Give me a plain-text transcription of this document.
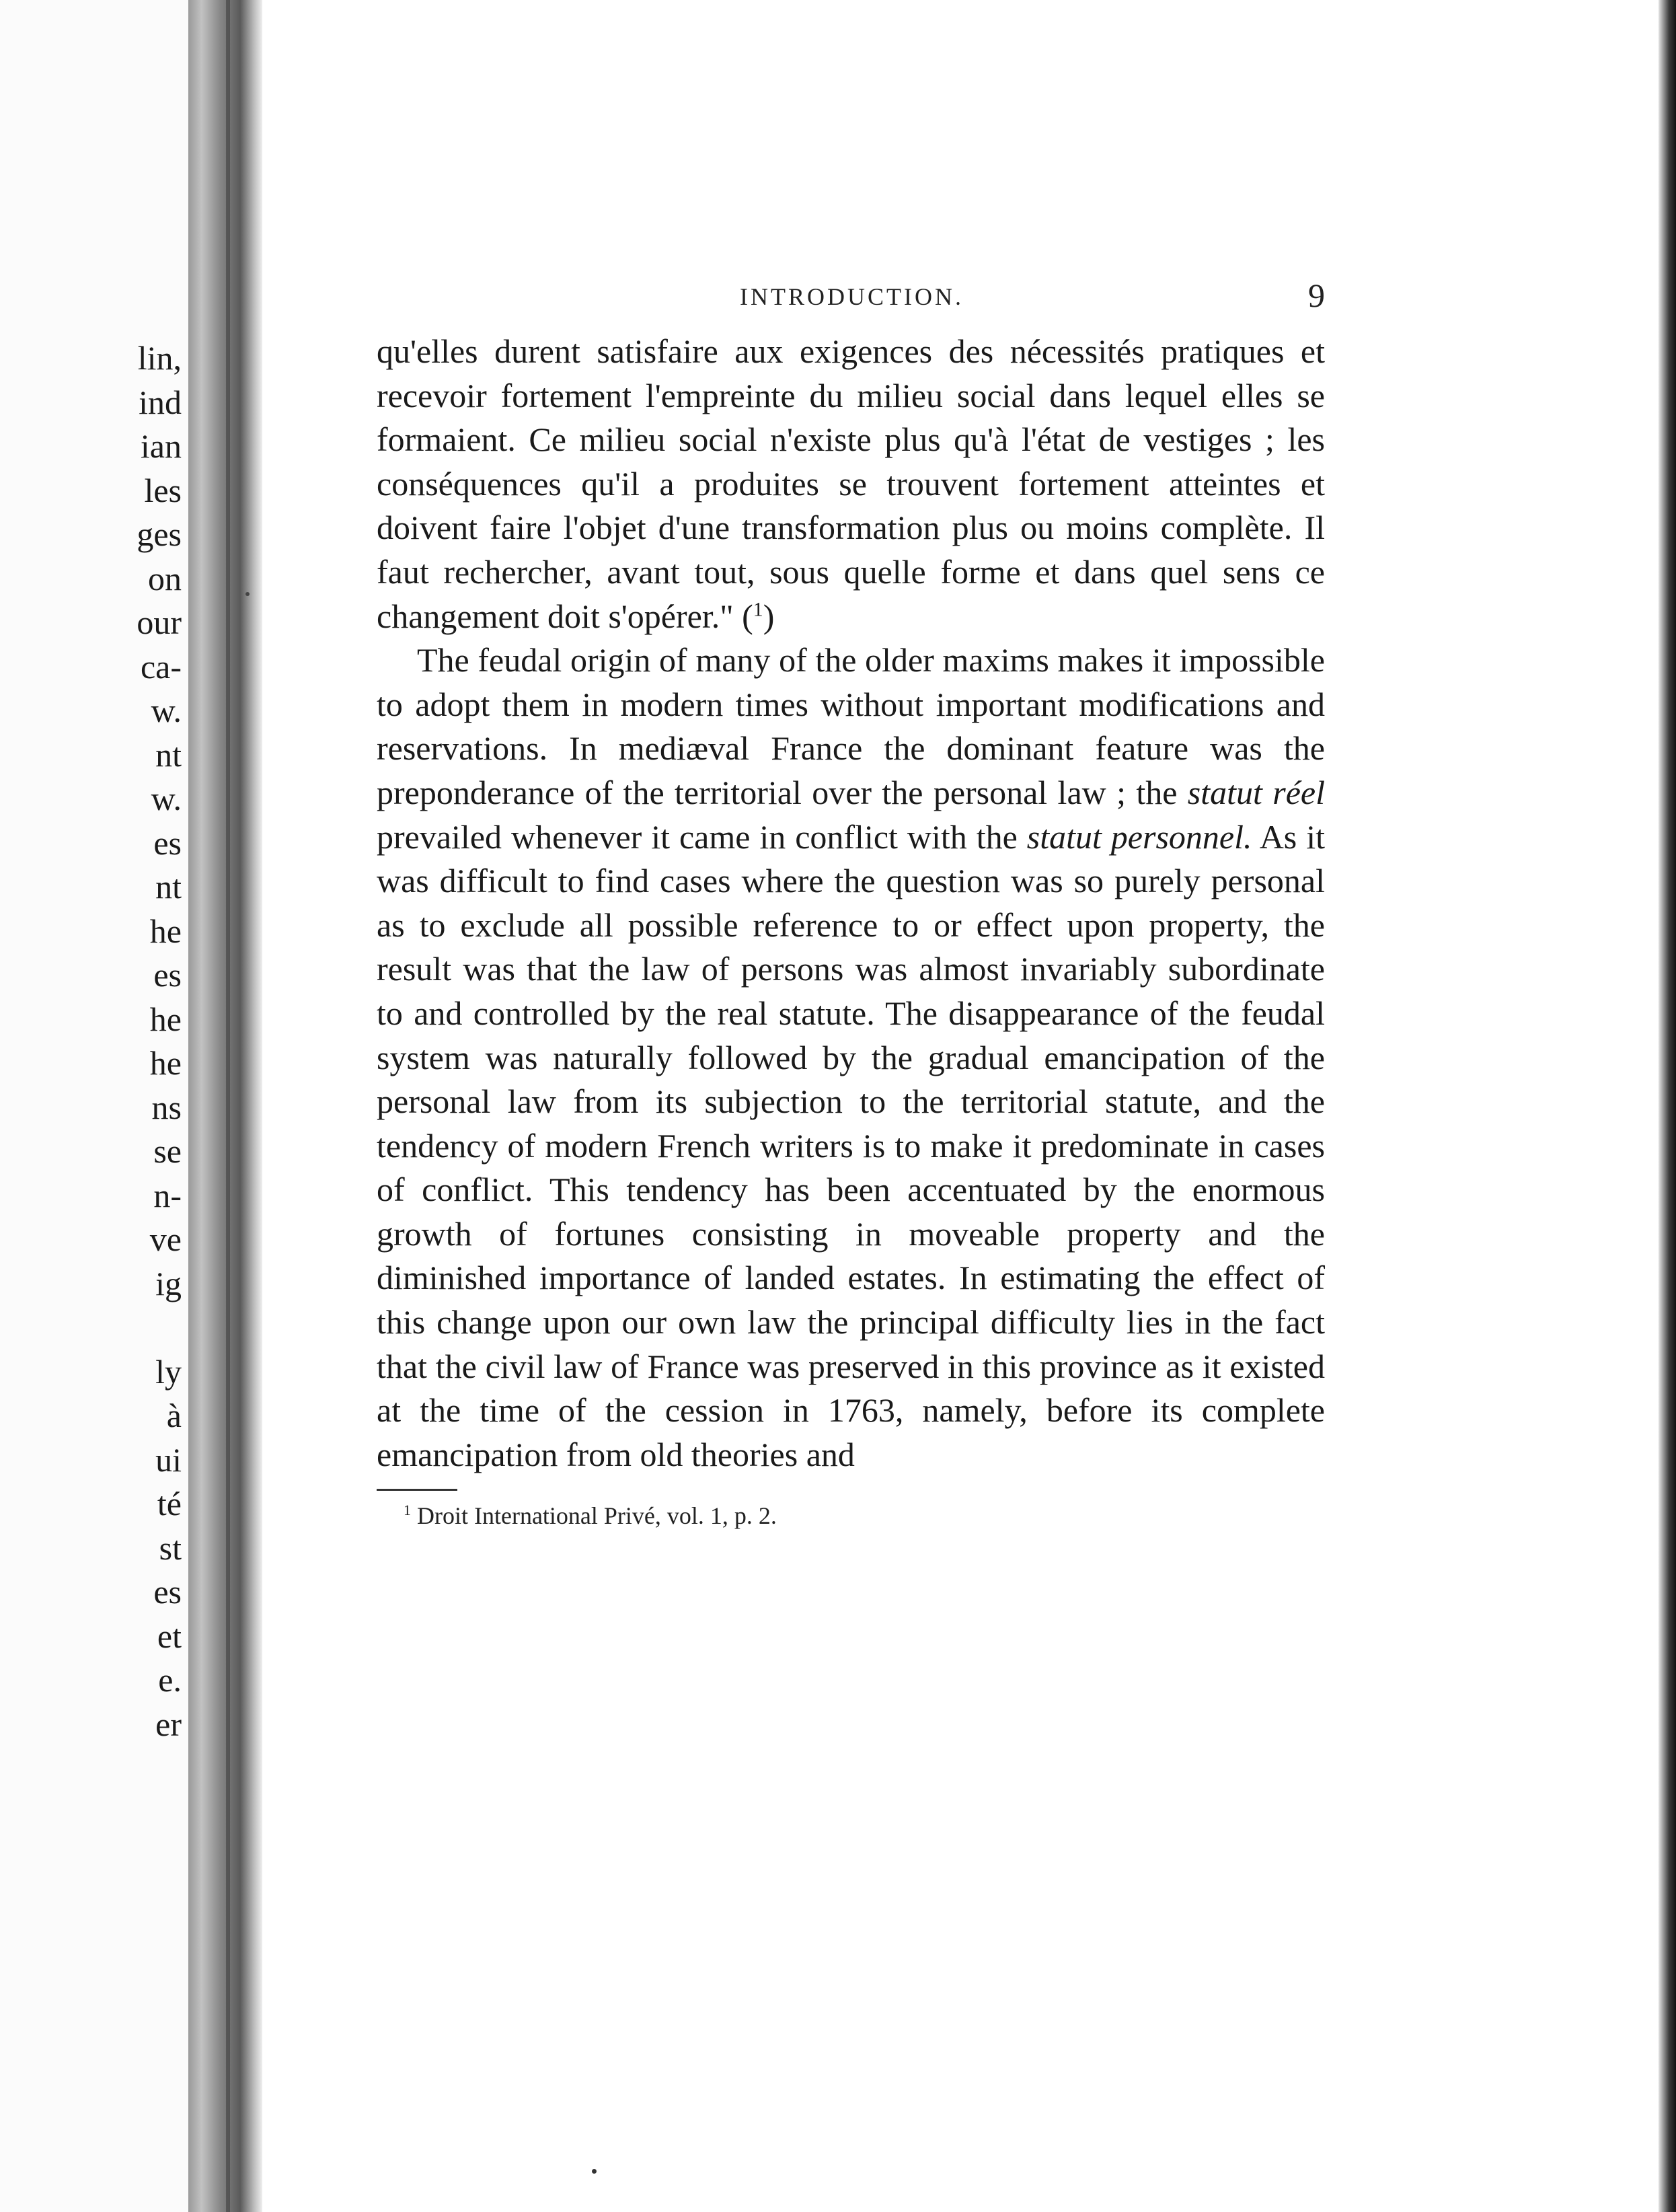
lin,
ind
ian
les
ges
on
our
ca-
w.
nt
w.
es
nt
he
es
he
he
ns
se
n-
ve
ig

ly
à
ui
té
st
es
et
e.
er
INTRODUCTION.	9

qu'elles durent satisfaire aux exigences des nécessités pratiques et recevoir fortement l'empreinte du milieu social dans lequel elles se formaient. Ce milieu social n'existe plus qu'à l'état de vestiges ; les conséquences qu'il a produites se trouvent fortement atteintes et doivent faire l'objet d'une transformation plus ou moins complète. Il faut rechercher, avant tout, sous quelle forme et dans quel sens ce changement doit s'opérer." ($^1$)

The feudal origin of many of the older maxims makes it impossible to adopt them in modern times without important modifications and reservations. In mediæval France the dominant feature was the preponderance of the territorial over the personal law ; the statut réel prevailed whenever it came in conflict with the statut personnel. As it was difficult to find cases where the question was so purely personal as to exclude all possible reference to or effect upon property, the result was that the law of persons was almost invariably subordinate to and controlled by the real statute. The disappearance of the feudal system was naturally followed by the gradual emancipation of the personal law from its subjection to the territorial statute, and the tendency of modern French writers is to make it predominate in cases of conflict. This tendency has been accentuated by the enormous growth of fortunes consisting in moveable property and the diminished importance of landed estates. In estimating the effect of this change upon our own law the principal difficulty lies in the fact that the civil law of France was preserved in this province as it existed at the time of the cession in 1763, namely, before its complete emancipation from old theories and

$^1$ Droit International Privé, vol. 1, p. 2.
